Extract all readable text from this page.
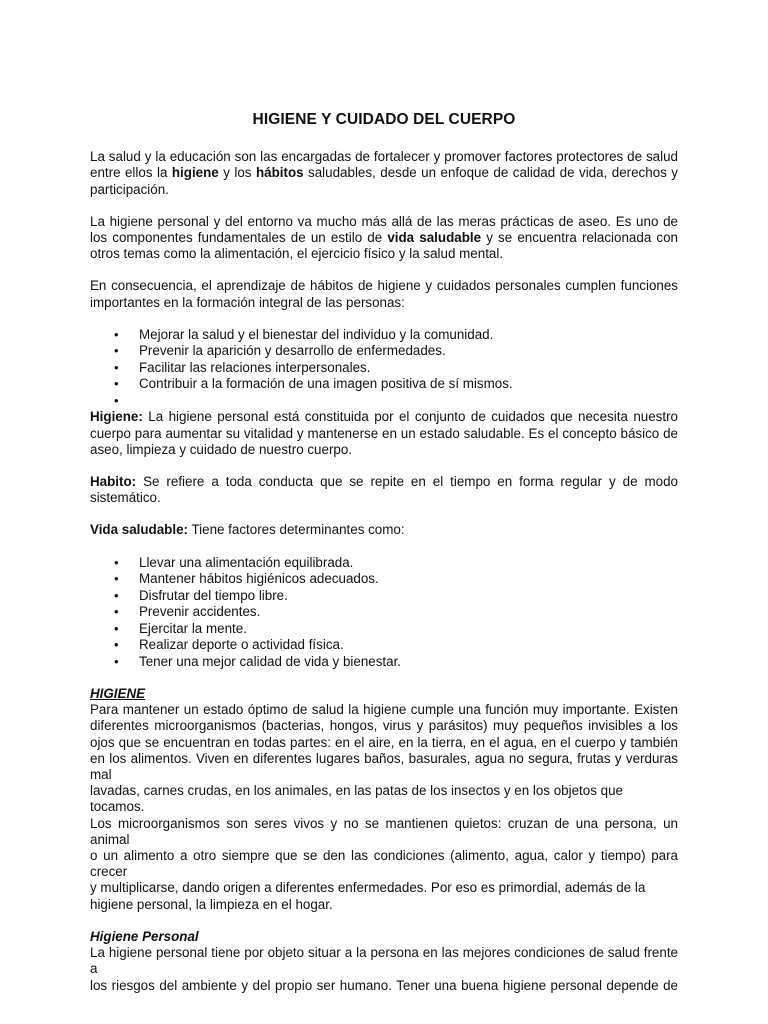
HIGIENE Y CUIDADO DEL CUERPO

La salud y la educación son las encargadas de fortalecer y promover factores protectores de salud entre ellos la higiene y los hábitos saludables, desde un enfoque de calidad de vida, derechos y participación.

La higiene personal y del entorno va mucho más allá de las meras prácticas de aseo. Es uno de los componentes fundamentales de un estilo de vida saludable y se encuentra relacionada con otros temas como la alimentación, el ejercicio físico y la salud mental.

En consecuencia, el aprendizaje de hábitos de higiene y cuidados personales cumplen funciones importantes en la formación integral de las personas:

• Mejorar la salud y el bienestar del individuo y la comunidad.
• Prevenir la aparición y desarrollo de enfermedades.
• Facilitar las relaciones interpersonales.
• Contribuir a la formación de una imagen positiva de sí mismos.
•

Higiene: La higiene personal está constituida por el conjunto de cuidados que necesita nuestro cuerpo para aumentar su vitalidad y mantenerse en un estado saludable. Es el concepto básico de aseo, limpieza y cuidado de nuestro cuerpo.

Habito: Se refiere a toda conducta que se repite en el tiempo en forma regular y de modo sistemático.

Vida saludable: Tiene factores determinantes como:

• Llevar una alimentación equilibrada.
• Mantener hábitos higiénicos adecuados.
• Disfrutar del tiempo libre.
• Prevenir accidentes.
• Ejercitar la mente.
• Realizar deporte o actividad física.
• Tener una mejor calidad de vida y bienestar.

HIGIENE
Para mantener un estado óptimo de salud la higiene cumple una función muy importante. Existen
diferentes microorganismos (bacterias, hongos, virus y parásitos) muy pequeños invisibles a los
ojos que se encuentran en todas partes: en el aire, en la tierra, en el agua, en el cuerpo y también
en los alimentos. Viven en diferentes lugares baños, basurales, agua no segura, frutas y verduras
mal
lavadas, carnes crudas, en los animales, en las patas de los insectos y en los objetos que tocamos.
Los microorganismos son seres vivos y no se mantienen quietos: cruzan de una persona, un animal
o un alimento a otro siempre que se den las condiciones (alimento, agua, calor y tiempo) para
crecer
y multiplicarse, dando origen a diferentes enfermedades. Por eso es primordial, además de la
higiene personal, la limpieza en el hogar.

Higiene Personal
La higiene personal tiene por objeto situar a la persona en las mejores condiciones de salud frente a
los riesgos del ambiente y del propio ser humano. Tener una buena higiene personal depende de
